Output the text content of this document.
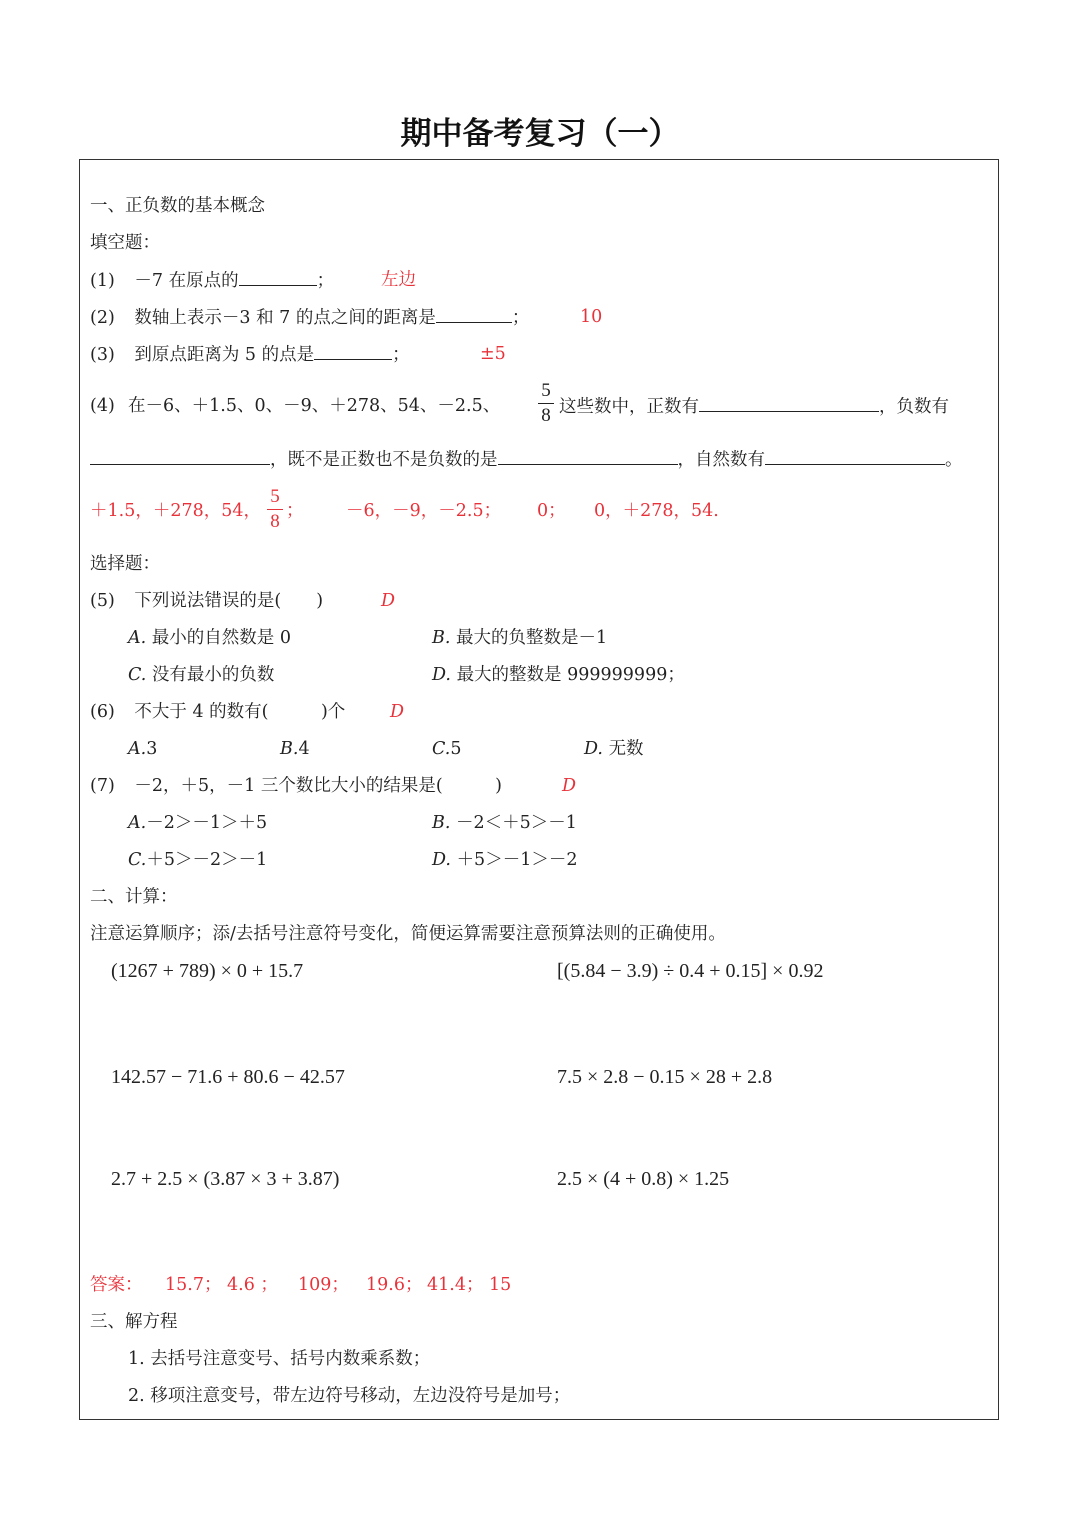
期中备考复习（一）
一、正负数的基本概念
填空题：
(1) －7 在原点的	；	左边
(2) 数轴上表示－3 和 7 的点之间的距离是	；	10
(3) 到原点距离为 5 的点是	；	±5
(4) 在－6、＋1.5、0、－9、＋278、54、－2.5、
5
8 这些数中，正数有	，负数有
，既不是正数也不是负数的是	，自然数有	。
＋1.5，＋278，54，
5
8 ； －6，－9，－2.5； 0； 0，＋278，54.
选择题：
(5) 下列说法错误的是(　　)	D
A. 最小的自然数是 0	B. 最大的负整数是－1
C. 没有最小的负数	D. 最大的整数是 999999999；
(6) 不大于 4 的数有(　　　)个	D
A.3	B.4	C.5	D. 无数
(7) －2，＋5，－1 三个数比大小的结果是(　　　)	D
A.－2＞－1＞＋5	B. －2＜＋5＞－1
C.＋5＞－2＞－1	D. ＋5＞－1＞－2
二、计算：
注意运算顺序；添/去括号注意符号变化，简便运算需要注意预算法则的正确使用。
(1267 + 789) × 0 + 15.7	[(5.84 − 3.9) ÷ 0.4 + 0.15] × 0.92
142.57 − 71.6 + 80.6 − 42.57	7.5 × 2.8 − 0.15 × 28 + 2.8
2.7 + 2.5 × (3.87 × 3 + 3.87)	2.5 × (4 + 0.8) × 1.25
答案： 15.7； 4.6 ； 109； 19.6； 41.4； 15
三、解方程
1. 去括号注意变号、括号内数乘系数；
2. 移项注意变号，带左边符号移动，左边没符号是加号；
